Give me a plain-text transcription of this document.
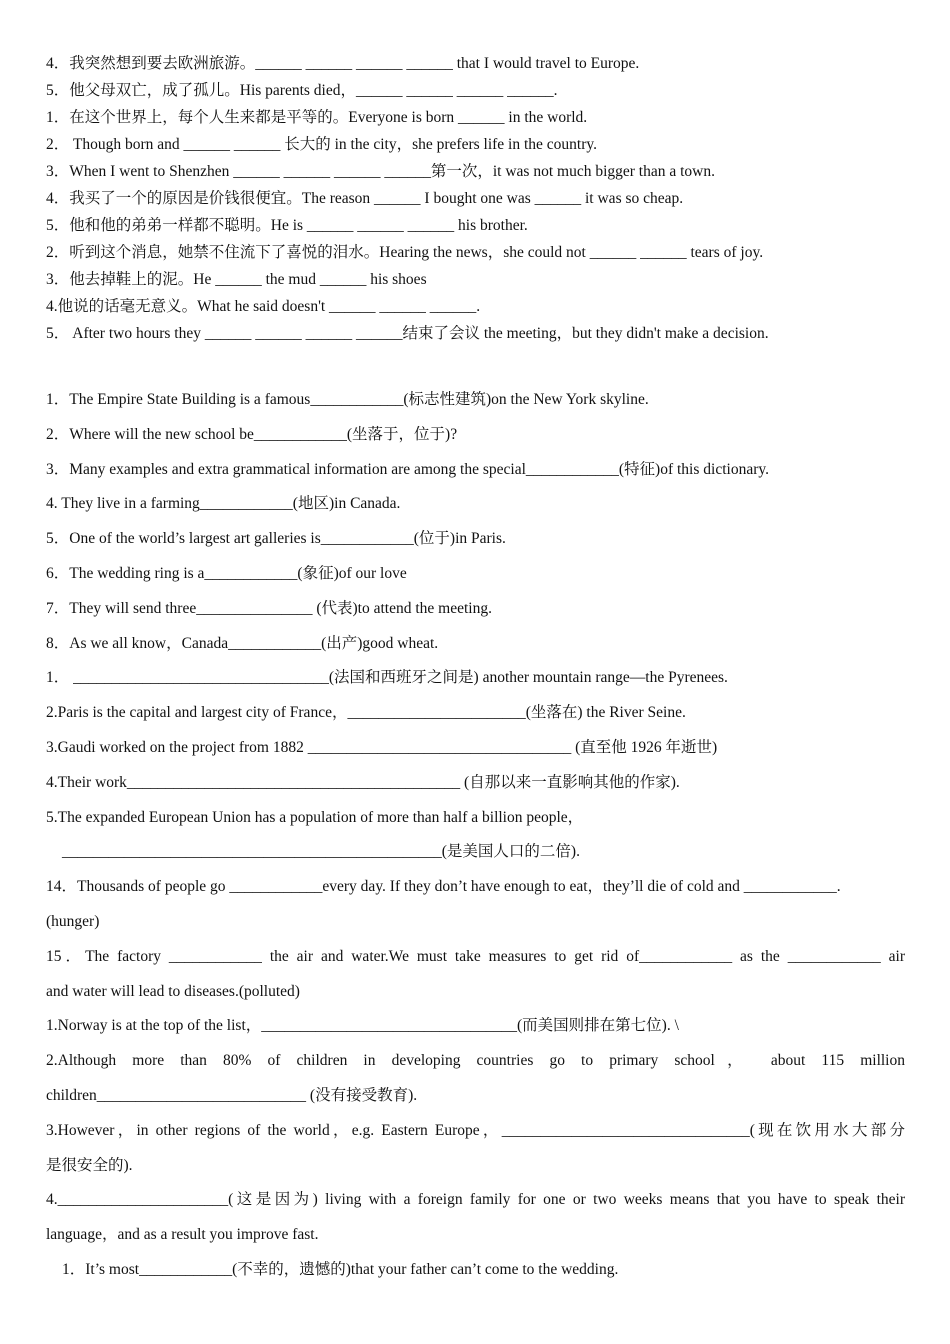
4．我突然想到要去欧洲旅游。______ ______ ______ ______ that I would travel to Europe.
5．他父母双亡，成了孤儿。His parents died，______ ______ ______ ______.
1．在这个世界上，每个人生来都是平等的。Everyone is born ______ in the world.
2． Though born and ______ ______ 长大的 in the city，she prefers life in the country.
3．When I went to Shenzhen ______ ______ ______ ______第一次，it was not much bigger than a town.
4．我买了一个的原因是价钱很便宜。The reason ______ I bought one was ______ it was so cheap.
5．他和他的弟弟一样都不聪明。He is ______ ______ ______ his brother.
2．听到这个消息，她禁不住流下了喜悦的泪水。Hearing the news，she could not ______ ______ tears of joy.
3．他去掉鞋上的泥。He ______ the mud ______ his shoes
4.他说的话毫无意义。What he said doesn't ______ ______ ______.
5． After two hours they ______ ______ ______ ______结束了会议 the meeting，but they didn't make a decision.
1．The Empire State Building is a famous____________(标志性建筑)on the New York skyline.
2．Where will the new school be____________(坐落于，位于)?
3．Many examples and extra grammatical information are among the special____________(特征)of this dictionary.
4. They live in a farming____________(地区)in Canada.
5．One of the world’s largest art galleries is____________(位于)in Paris.
6．The wedding ring is a____________(象征)of our love
7．They will send three_______________ (代表)to attend the meeting.
8．As we all know，Canada____________(出产)good wheat.
1． _________________________________(法国和西班牙之间是) another mountain range—the Pyrenees.
2.Paris is the capital and largest city of France，_______________________(坐落在) the River Seine.
3.Gaudi worked on the project from 1882 __________________________________ (直至他 1926 年逝世)
4.Their work___________________________________________ (自那以来一直影响其他的作家).
5.The expanded European Union has a population of more than half a billion people，
_________________________________________________(是美国人口的二倍).
14．Thousands of people go ____________every day. If they don’t have enough to eat，they’ll die of cold and ____________.
(hunger)
15．The factory ____________ the air and water.We must take measures to get rid of____________ as the ____________ air
and water will lead to diseases.(polluted)
1.Norway is at the top of the list，_________________________________(而美国则排在第七位). \
2.Although more than 80% of children in developing countries go to primary school， about 115 million
children___________________________ (没有接受教育).
3.However，in other regions of the world，e.g. Eastern Europe，________________________________(现在饮用水大部分
是很安全的).
4.______________________(这是因为) living with a foreign family for one or two weeks means that you have to speak their
language，and as a result you improve fast.
1．It’s most____________(不幸的，遗憾的)that your father can’t come to the wedding.
